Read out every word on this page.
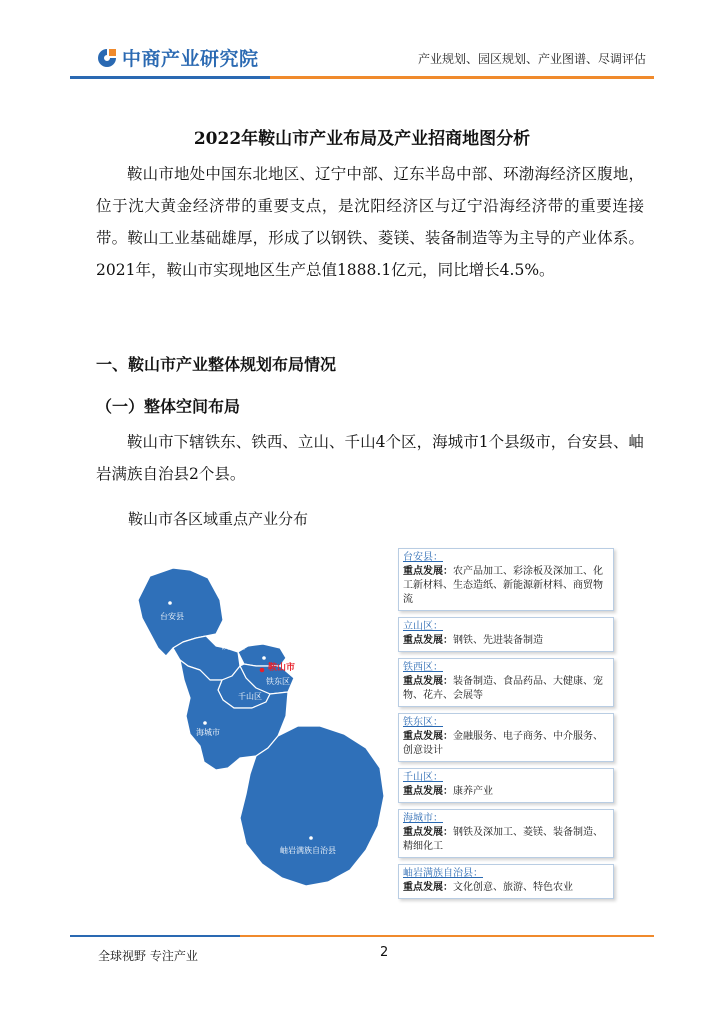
中商产业研究院	产业规划、园区规划、产业图谱、尽调评估
2022年鞍山市产业布局及产业招商地图分析

鞍山市地处中国东北地区、辽宁中部、辽东半岛中部、环渤海经济区腹地，位于沈大黄金经济带的重要支点，是沈阳经济区与辽宁沿海经济带的重要连接带。鞍山工业基础雄厚，形成了以钢铁、菱镁、装备制造等为主导的产业体系。2021年，鞍山市实现地区生产总值1888.1亿元，同比增长4.5%。

一、鞍山市产业整体规划布局情况
（一）整体空间布局

鞍山市下辖铁东、铁西、立山、千山4个区，海城市1个县级市，台安县、岫岩满族自治县2个县。

鞍山市各区域重点产业分布
台安县
铁西区
立山区
鞍山市
铁东区
千山区
海城市
岫岩满族自治县
台安县：
重点发展：农产品加工、彩涂板及深加工、化工新材料、生态造纸、新能源新材料、商贸物流
立山区：
重点发展：钢铁、先进装备制造
铁西区：
重点发展：装备制造、食品药品、大健康、宠物、花卉、会展等
铁东区：
重点发展：金融服务、电子商务、中介服务、创意设计
千山区：
重点发展：康养产业
海城市：
重点发展：钢铁及深加工、菱镁、装备制造、精细化工
岫岩满族自治县：
重点发展：文化创意、旅游、特色农业
全球视野 专注产业	2
